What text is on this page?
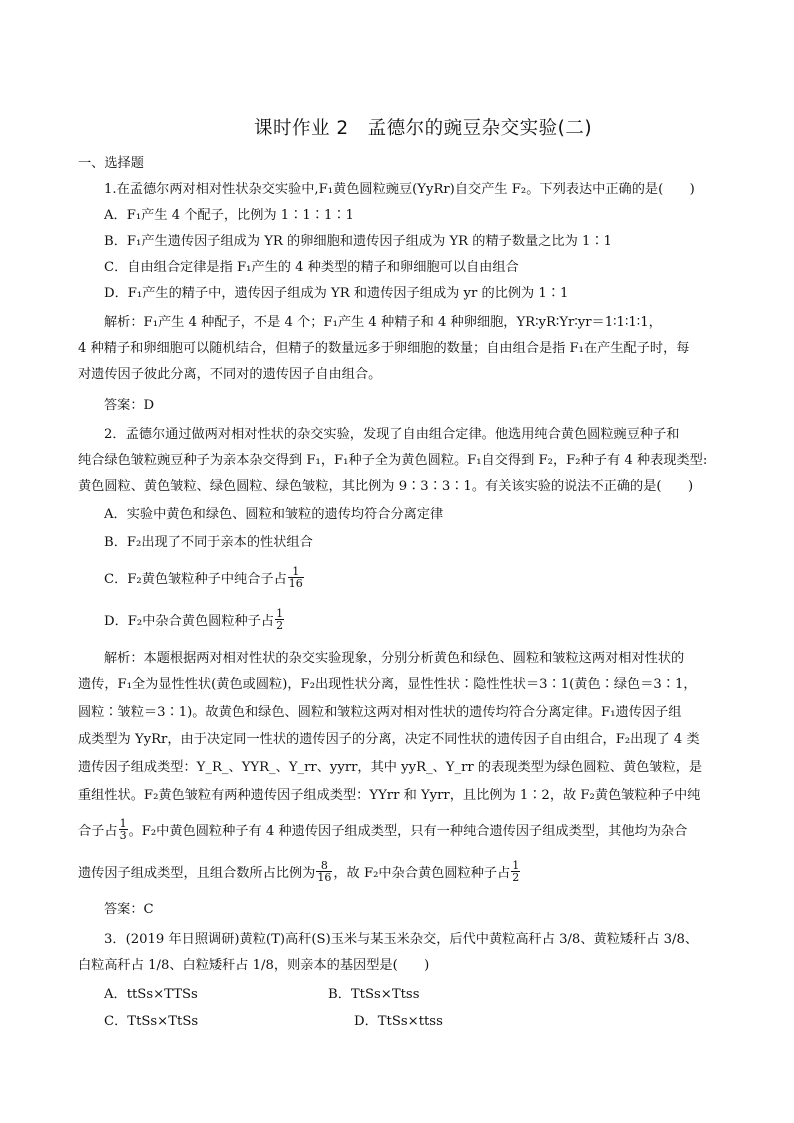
课时作业 2　孟德尔的豌豆杂交实验(二)
一、选择题
1.在孟德尔两对相对性状杂交实验中,F₁黄色圆粒豌豆(YyRr)自交产生 F₂。下列表达中正确的是(　　)
A．F₁产生 4 个配子，比例为 1∶1∶1∶1
B．F₁产生遗传因子组成为 YR 的卵细胞和遗传因子组成为 YR 的精子数量之比为 1∶1
C．自由组合定律是指 F₁产生的 4 种类型的精子和卵细胞可以自由组合
D．F₁产生的精子中，遗传因子组成为 YR 和遗传因子组成为 yr 的比例为 1∶1
解析：F₁产生 4 种配子，不是 4 个；F₁产生 4 种精子和 4 种卵细胞，YR∶yR∶Yr∶yr＝1∶1∶1∶1，
4 种精子和卵细胞可以随机结合，但精子的数量远多于卵细胞的数量；自由组合是指 F₁在产生配子时，每
对遗传因子彼此分离，不同对的遗传因子自由组合。
答案：D
2．孟德尔通过做两对相对性状的杂交实验，发现了自由组合定律。他选用纯合黄色圆粒豌豆种子和
纯合绿色皱粒豌豆种子为亲本杂交得到 F₁，F₁种子全为黄色圆粒。F₁自交得到 F₂，F₂种子有 4 种表现类型:
黄色圆粒、黄色皱粒、绿色圆粒、绿色皱粒，其比例为 9∶3∶3∶1。有关该实验的说法不正确的是(　　)
A．实验中黄色和绿色、圆粒和皱粒的遗传均符合分离定律
B．F₂出现了不同于亲本的性状组合
C．F₂黄色皱粒种子中纯合子占 $\frac{1}{16}$
D．F₂中杂合黄色圆粒种子占 $\frac{1}{2}$
解析：本题根据两对相对性状的杂交实验现象，分别分析黄色和绿色、圆粒和皱粒这两对相对性状的
遗传，F₁全为显性性状(黄色或圆粒)，F₂出现性状分离，显性性状∶隐性性状＝3∶1(黄色∶绿色＝3∶1，
圆粒∶皱粒＝3∶1)。故黄色和绿色、圆粒和皱粒这两对相对性状的遗传均符合分离定律。F₁遗传因子组
成类型为 YyRr，由于决定同一性状的遗传因子的分离，决定不同性状的遗传因子自由组合，F₂出现了 4 类
遗传因子组成类型：Y_R_、YYR_、Y_rr、yyrr，其中 yyR_、Y_rr 的表现类型为绿色圆粒、黄色皱粒，是
重组性状。F₂黄色皱粒有两种遗传因子组成类型：YYrr 和 Yyrr，且比例为 1∶2，故 F₂黄色皱粒种子中纯
合子占 $\frac{1}{3}$ 。F₂中黄色圆粒种子有 4 种遗传因子组成类型，只有一种纯合遗传因子组成类型，其他均为杂合
遗传因子组成类型，且组合数所占比例为 $\frac{8}{16}$ ，故 F₂中杂合黄色圆粒种子占 $\frac{1}{2}$
答案：C
3．(2019 年日照调研)黄粒(T)高秆(S)玉米与某玉米杂交，后代中黄粒高秆占 3/8、黄粒矮秆占 3/8、
白粒高秆占 1/8、白粒矮秆占 1/8，则亲本的基因型是(　　)
A．ttSs×TTSs	B．TtSs×Ttss
C．TtSs×TtSs	D．TtSs×ttss
